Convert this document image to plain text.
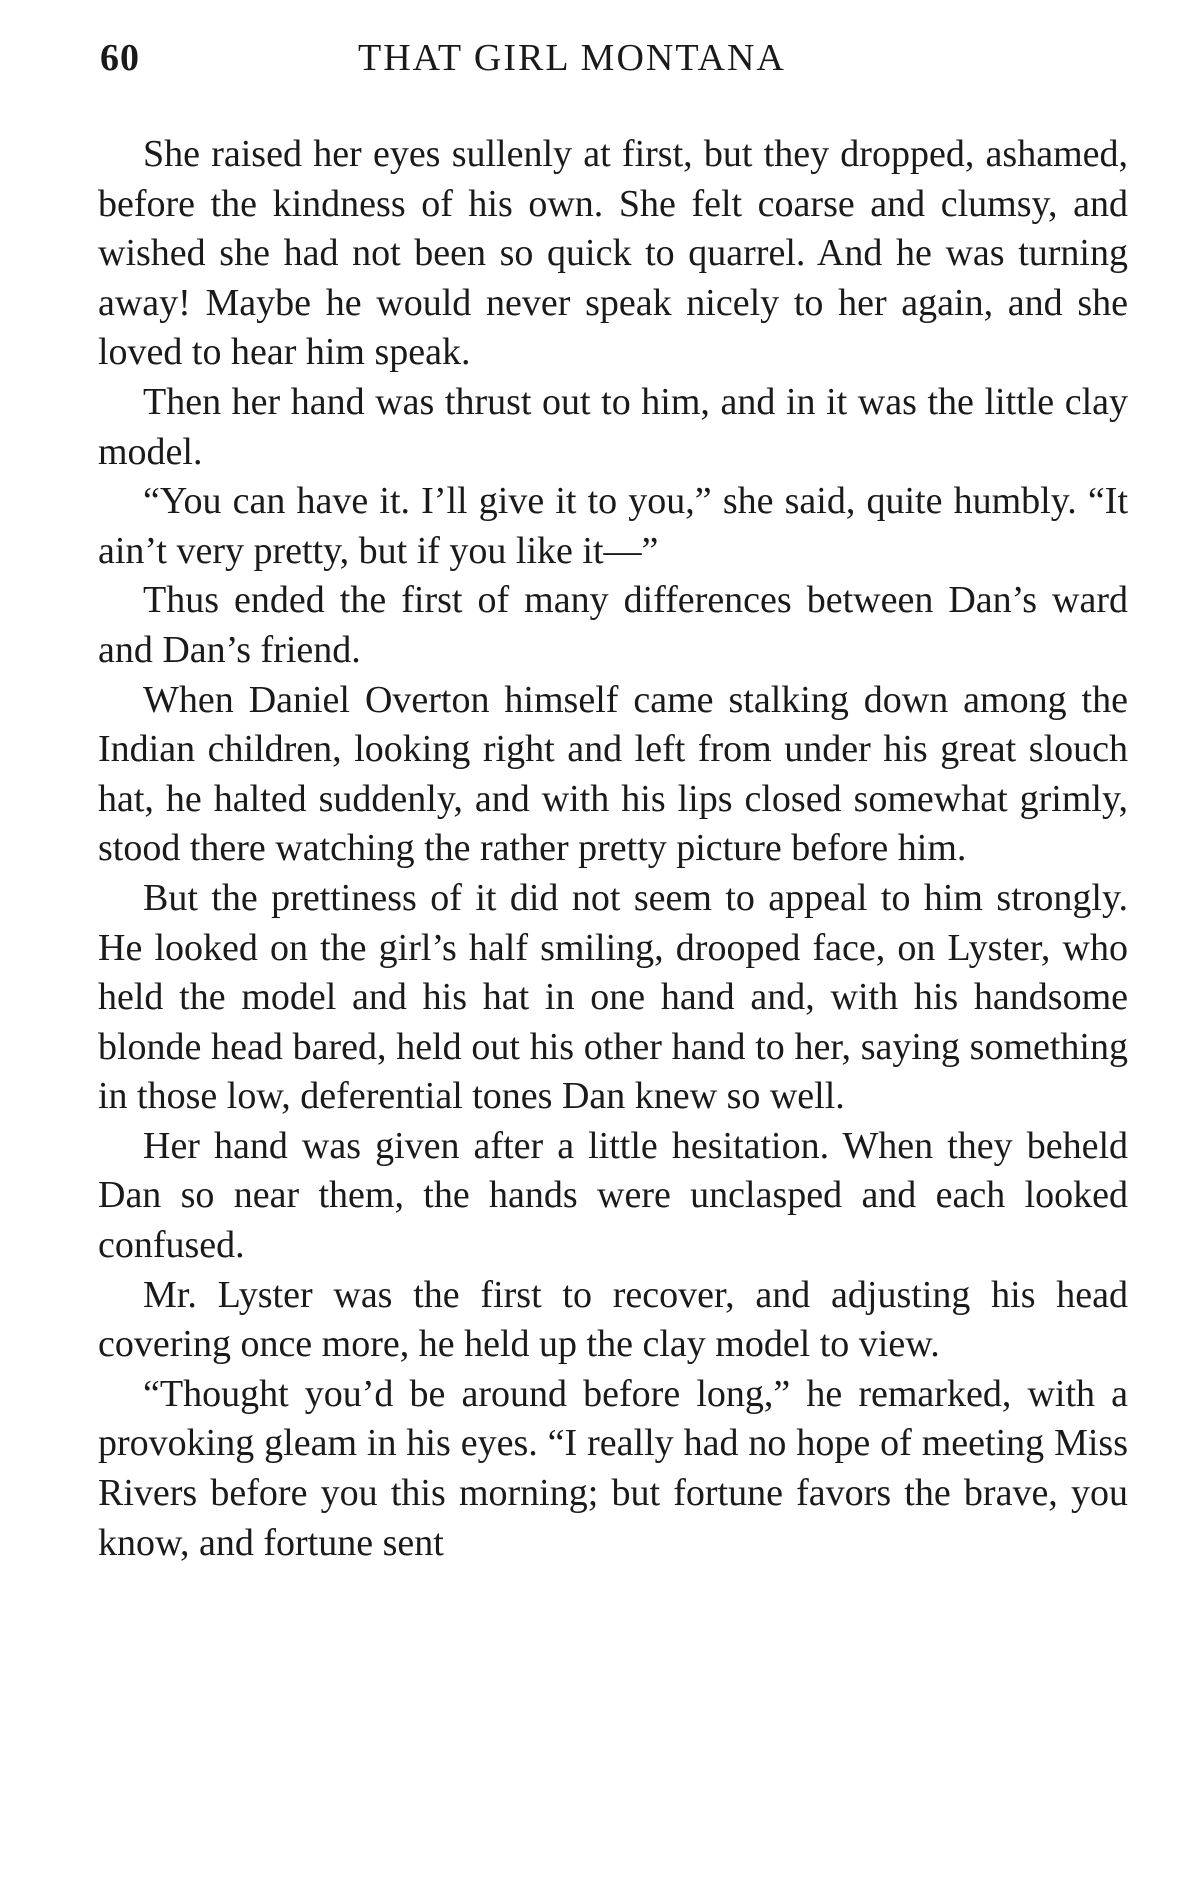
60	THAT GIRL MONTANA

She raised her eyes sullenly at first, but they dropped, ashamed, before the kindness of his own. She felt coarse and clumsy, and wished she had not been so quick to quarrel. And he was turning away! Maybe he would never speak nicely to her again, and she loved to hear him speak.

Then her hand was thrust out to him, and in it was the little clay model.

“You can have it. I’ll give it to you,” she said, quite humbly. “It ain’t very pretty, but if you like it—”

Thus ended the first of many differences between Dan’s ward and Dan’s friend.

When Daniel Overton himself came stalking down among the Indian children, looking right and left from under his great slouch hat, he halted suddenly, and with his lips closed somewhat grimly, stood there watching the rather pretty picture before him.

But the prettiness of it did not seem to appeal to him strongly. He looked on the girl’s half smiling, drooped face, on Lyster, who held the model and his hat in one hand and, with his handsome blonde head bared, held out his other hand to her, saying something in those low, deferential tones Dan knew so well.

Her hand was given after a little hesitation. When they beheld Dan so near them, the hands were unclasped and each looked confused.

Mr. Lyster was the first to recover, and adjusting his head covering once more, he held up the clay model to view.

“Thought you’d be around before long,” he remarked, with a provoking gleam in his eyes. “I really had no hope of meeting Miss Rivers before you this morning; but fortune favors the brave, you know, and fortune sent
